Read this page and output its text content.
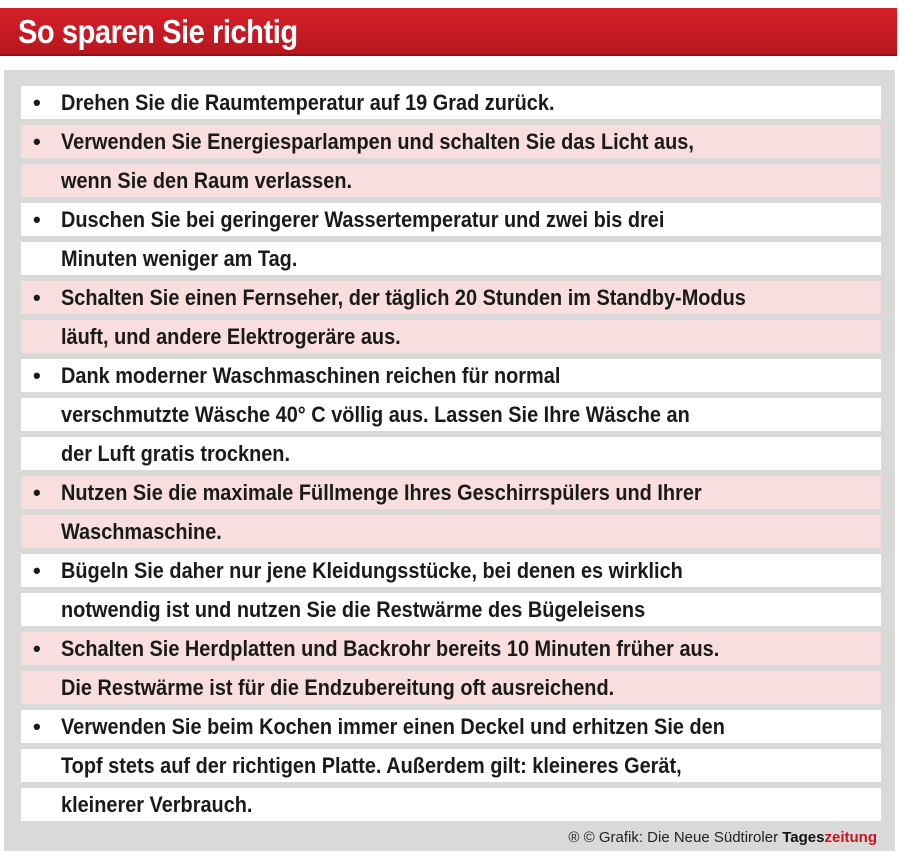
So sparen Sie richtig
• Drehen Sie die Raumtemperatur auf 19 Grad zurück.
• Verwenden Sie Energiesparlampen und schalten Sie das Licht aus,
wenn Sie den Raum verlassen.
• Duschen Sie bei geringerer Wassertemperatur und zwei bis drei
Minuten weniger am Tag.
• Schalten Sie einen Fernseher, der täglich 20 Stunden im Standby-Modus
läuft, und andere Elektrogeräre aus.
• Dank moderner Waschmaschinen reichen für normal
verschmutzte Wäsche 40° C völlig aus. Lassen Sie Ihre Wäsche an
der Luft gratis trocknen.
• Nutzen Sie die maximale Füllmenge Ihres Geschirrspülers und Ihrer
Waschmaschine.
• Bügeln Sie daher nur jene Kleidungsstücke, bei denen es wirklich
notwendig ist und nutzen Sie die Restwärme des Bügeleisens
• Schalten Sie Herdplatten und Backrohr bereits 10 Minuten früher aus.
Die Restwärme ist für die Endzubereitung oft ausreichend.
• Verwenden Sie beim Kochen immer einen Deckel und erhitzen Sie den
Topf stets auf der richtigen Platte. Außerdem gilt: kleineres Gerät,
kleinerer Verbrauch.
® © Grafik: Die Neue Südtiroler Tageszeitung
